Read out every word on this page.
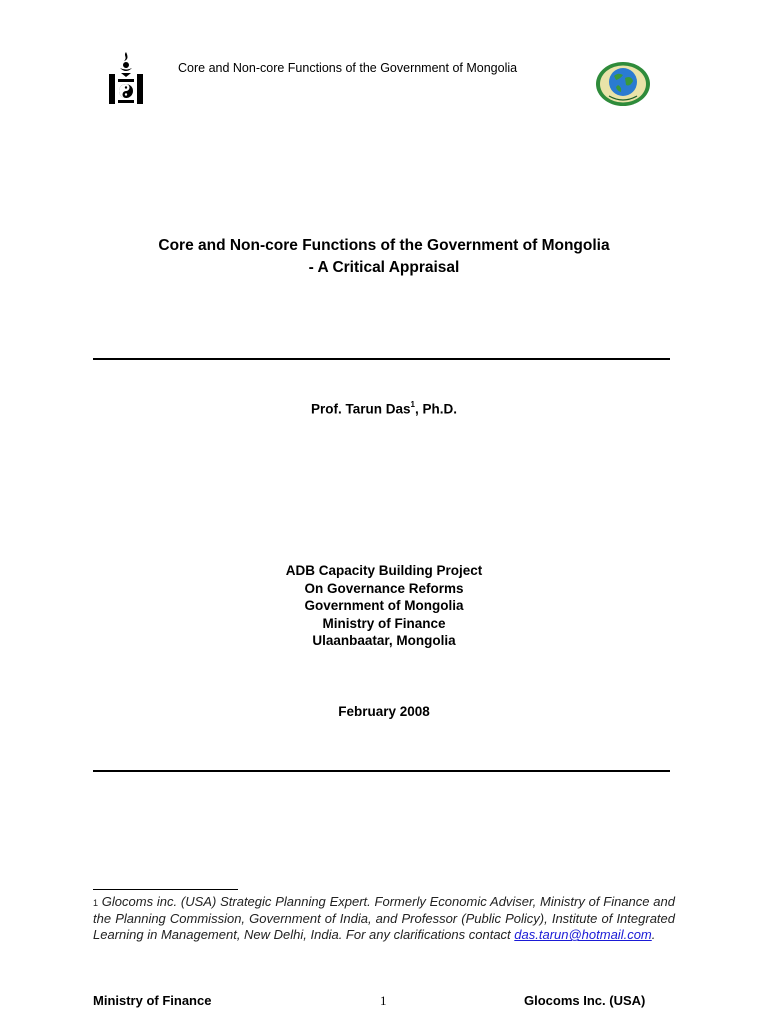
Core and Non-core Functions of the Government of Mongolia
Core and Non-core Functions of the Government of Mongolia
- A Critical Appraisal
Prof. Tarun Das$^1$, Ph.D.
ADB Capacity Building Project
On Governance Reforms
Government of Mongolia
Ministry of Finance
Ulaanbaatar, Mongolia
February 2008
$^1$ Glocoms inc. (USA) Strategic Planning Expert. Formerly Economic Adviser, Ministry of Finance and the Planning Commission, Government of India, and Professor (Public Policy), Institute of Integrated Learning in Management, New Delhi, India. For any clarifications contact das.tarun@hotmail.com.
Ministry of Finance	1	Glocoms Inc. (USA)
